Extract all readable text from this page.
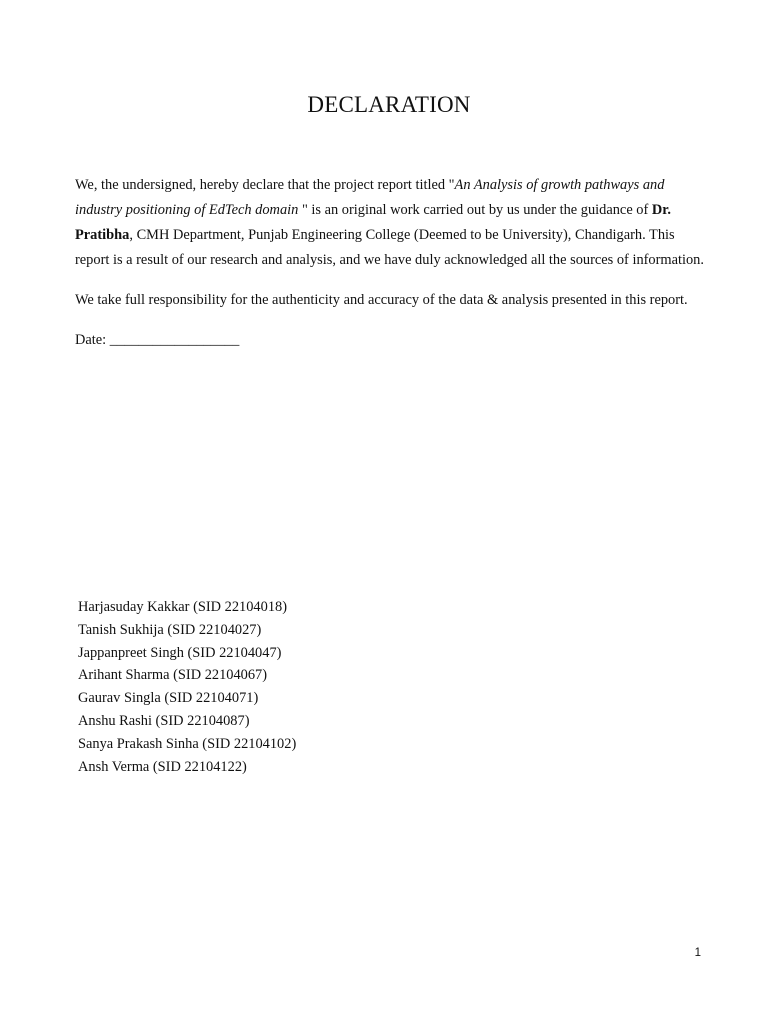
DECLARATION

We, the undersigned, hereby declare that the project report titled "An Analysis of growth pathways and industry positioning of EdTech domain " is an original work carried out by us under the guidance of Dr. Pratibha, CMH Department, Punjab Engineering College (Deemed to be University), Chandigarh. This report is a result of our research and analysis, and we have duly acknowledged all the sources of information.

We take full responsibility for the authenticity and accuracy of the data & analysis presented in this report.

Date: __________________
Harjasuday Kakkar (SID 22104018)
Tanish Sukhija (SID 22104027)
Jappanpreet Singh (SID 22104047)
Arihant Sharma (SID 22104067)
Gaurav Singla (SID 22104071)
Anshu Rashi (SID 22104087)
Sanya Prakash Sinha (SID 22104102)
Ansh Verma (SID 22104122)
1
